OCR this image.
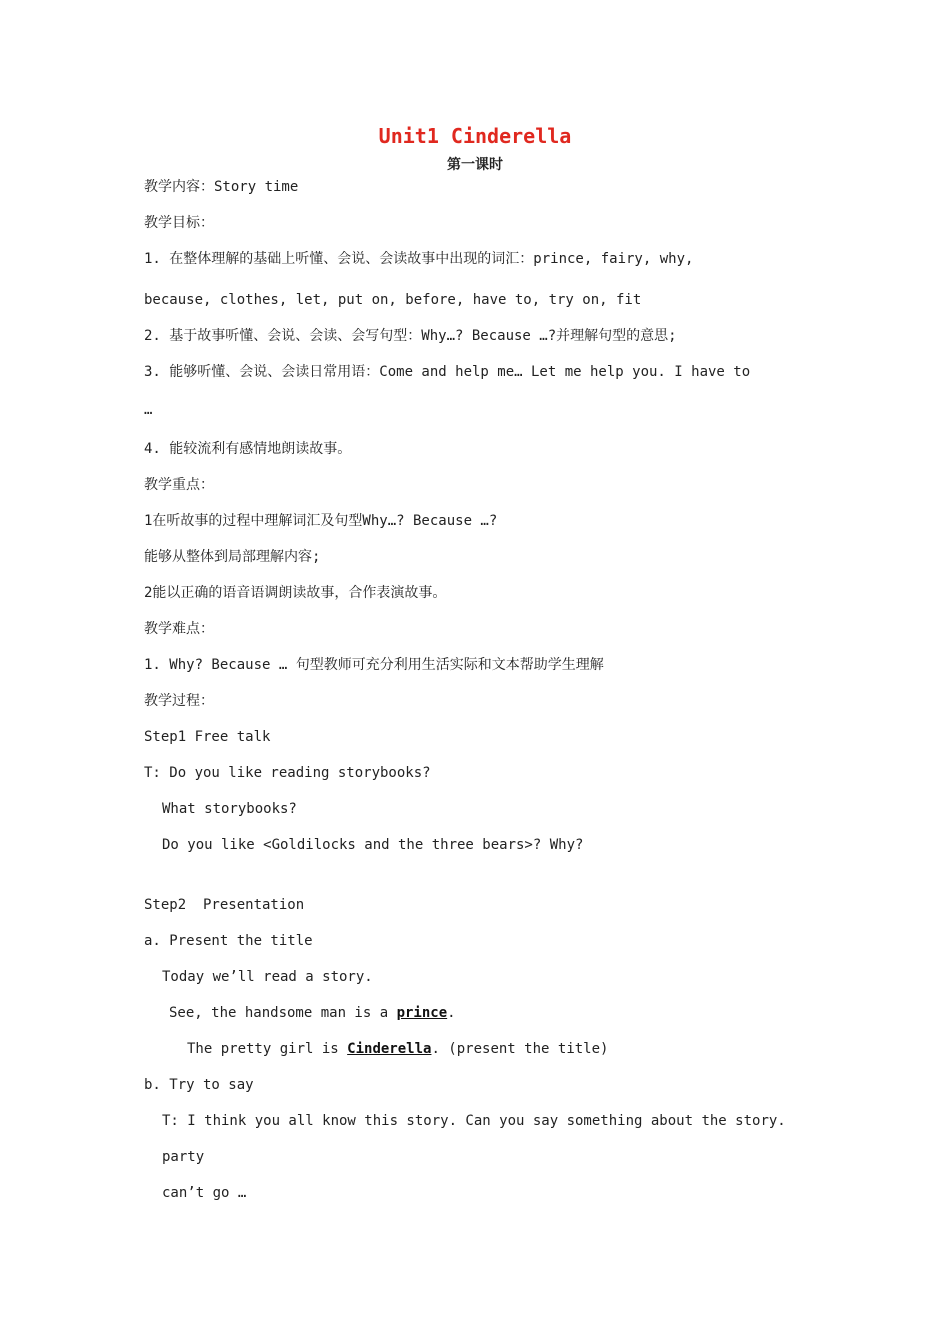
Unit1 Cinderella
第一课时
教学内容：Story time
教学目标：
1. 在整体理解的基础上听懂、会说、会读故事中出现的词汇：prince, fairy, why,
because, clothes, let, put on, before, have to, try on, fit
2. 基于故事听懂、会说、会读、会写句型：Why…? Because …?并理解句型的意思;
3. 能够听懂、会说、会读日常用语：Come and help me… Let me help you. I have to
…
4. 能较流利有感情地朗读故事。
教学重点：
1在听故事的过程中理解词汇及句型Why…? Because …?
能够从整体到局部理解内容;
2能以正确的语音语调朗读故事，合作表演故事。
教学难点：
1. Why? Because … 句型教师可充分利用生活实际和文本帮助学生理解
教学过程：
Step1 Free talk
T: Do you like reading storybooks?
What storybooks?
Do you like <Goldilocks and the three bears>? Why?
Step2  Presentation
a. Present the title
Today we’ll read a story.
See, the handsome man is a prince.
The pretty girl is Cinderella. (present the title)
b. Try to say
T: I think you all know this story. Can you say something about the story.
party
can’t go …
